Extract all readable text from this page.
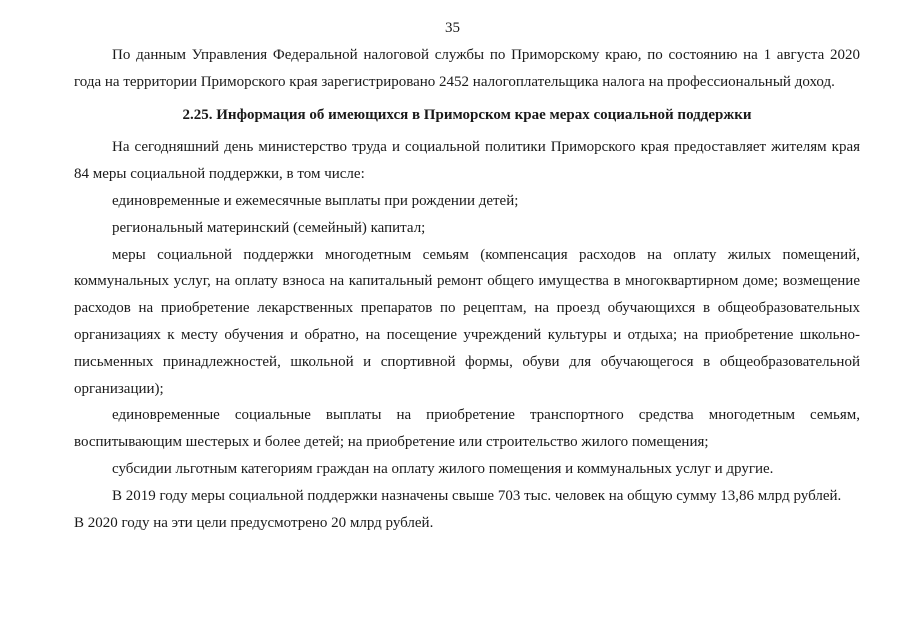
35

По данным Управления Федеральной налоговой службы по Приморскому краю, по состоянию на 1 августа 2020 года на территории Приморского края зарегистрировано 2452 налогоплательщика налога на профессиональный доход.

2.25. Информация об имеющихся в Приморском крае мерах социальной поддержки

На сегодняшний день министерство труда и социальной политики Приморского края предоставляет жителям края 84 меры социальной поддержки, в том числе:

единовременные и ежемесячные выплаты при рождении детей;

региональный материнский (семейный) капитал;

меры социальной поддержки многодетным семьям (компенсация расходов на оплату жилых помещений, коммунальных услуг, на оплату взноса на капитальный ремонт общего имущества в многоквартирном доме; возмещение расходов на приобретение лекарственных препаратов по рецептам, на проезд обучающихся в общеобразовательных организациях к месту обучения и обратно, на посещение учреждений культуры и отдыха; на приобретение школьно-письменных принадлежностей, школьной и спортивной формы, обуви для обучающегося в общеобразовательной организации);

единовременные социальные выплаты на приобретение транспортного средства многодетным семьям, воспитывающим шестерых и более детей; на приобретение или строительство жилого помещения;

субсидии льготным категориям граждан на оплату жилого помещения и коммунальных услуг и другие.

В 2019 году меры социальной поддержки назначены свыше 703 тыс. человек на общую сумму 13,86 млрд рублей.

В 2020 году на эти цели предусмотрено 20 млрд рублей.
